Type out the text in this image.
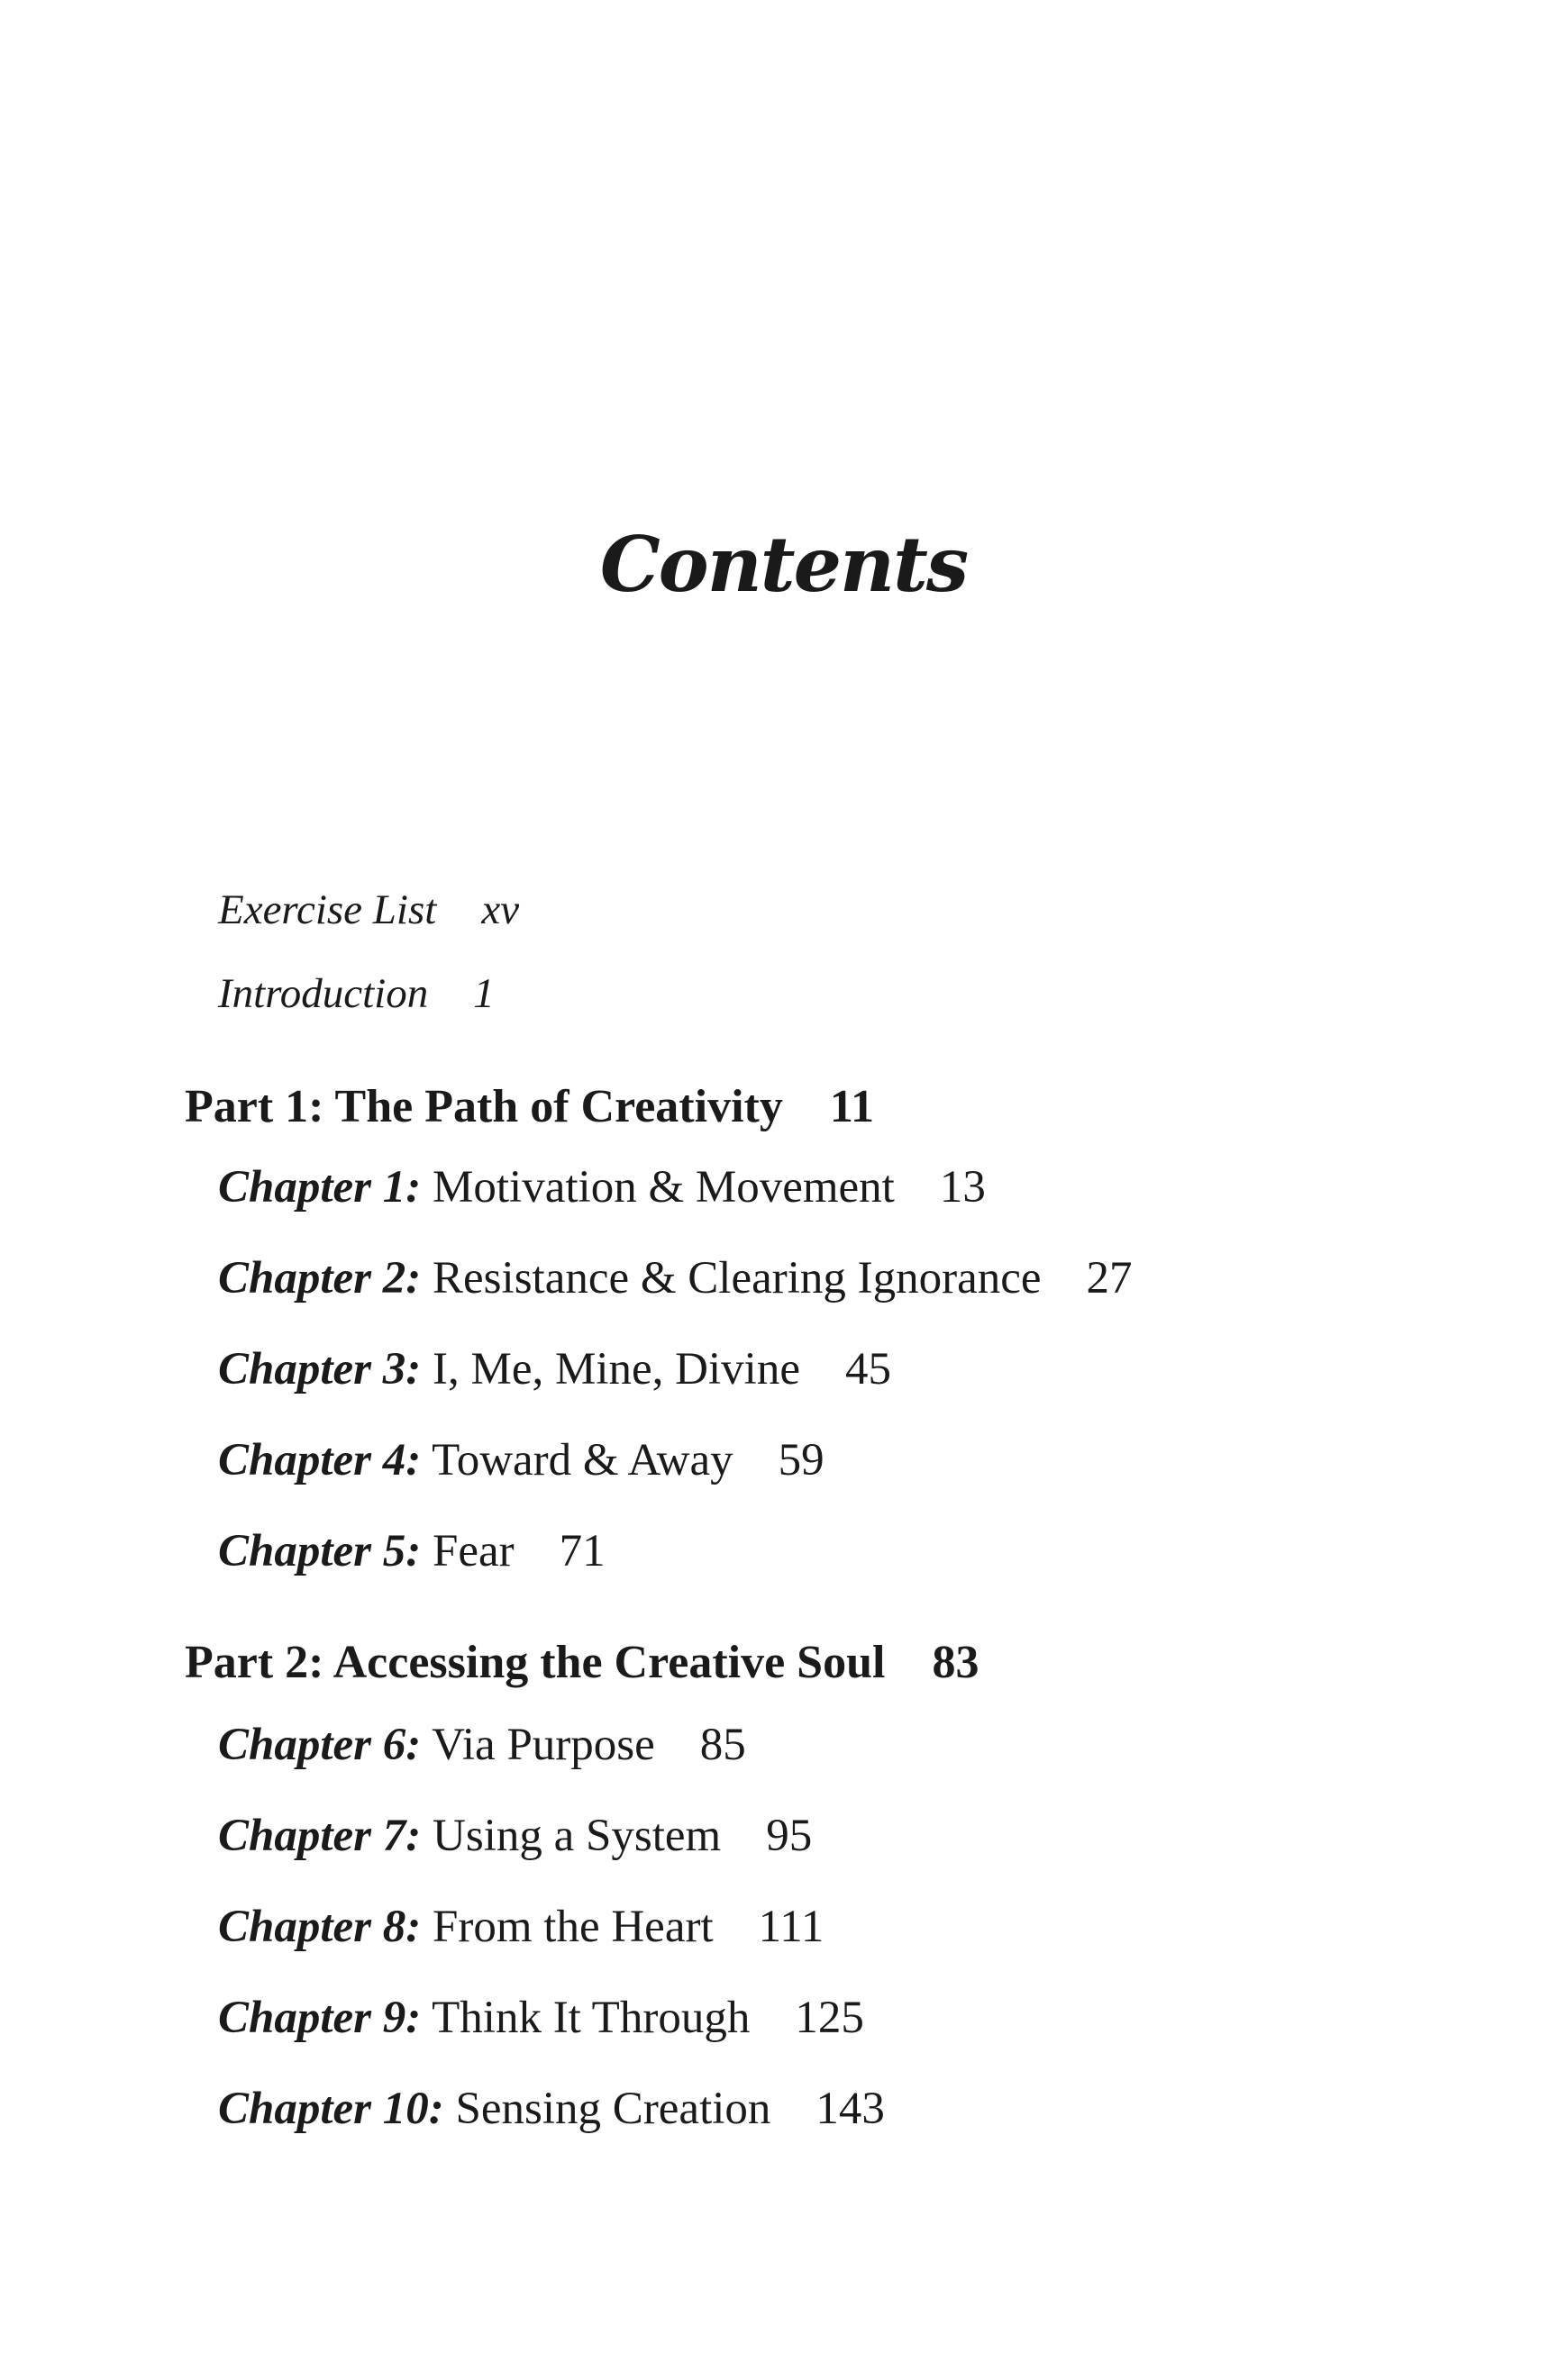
Contents
Exercise List xv
Introduction 1
Part 1: The Path of Creativity 11
Chapter 1: Motivation & Movement 13
Chapter 2: Resistance & Clearing Ignorance 27
Chapter 3: I, Me, Mine, Divine 45
Chapter 4: Toward & Away 59
Chapter 5: Fear 71
Part 2: Accessing the Creative Soul 83
Chapter 6: Via Purpose 85
Chapter 7: Using a System 95
Chapter 8: From the Heart 111
Chapter 9: Think It Through 125
Chapter 10: Sensing Creation 143
